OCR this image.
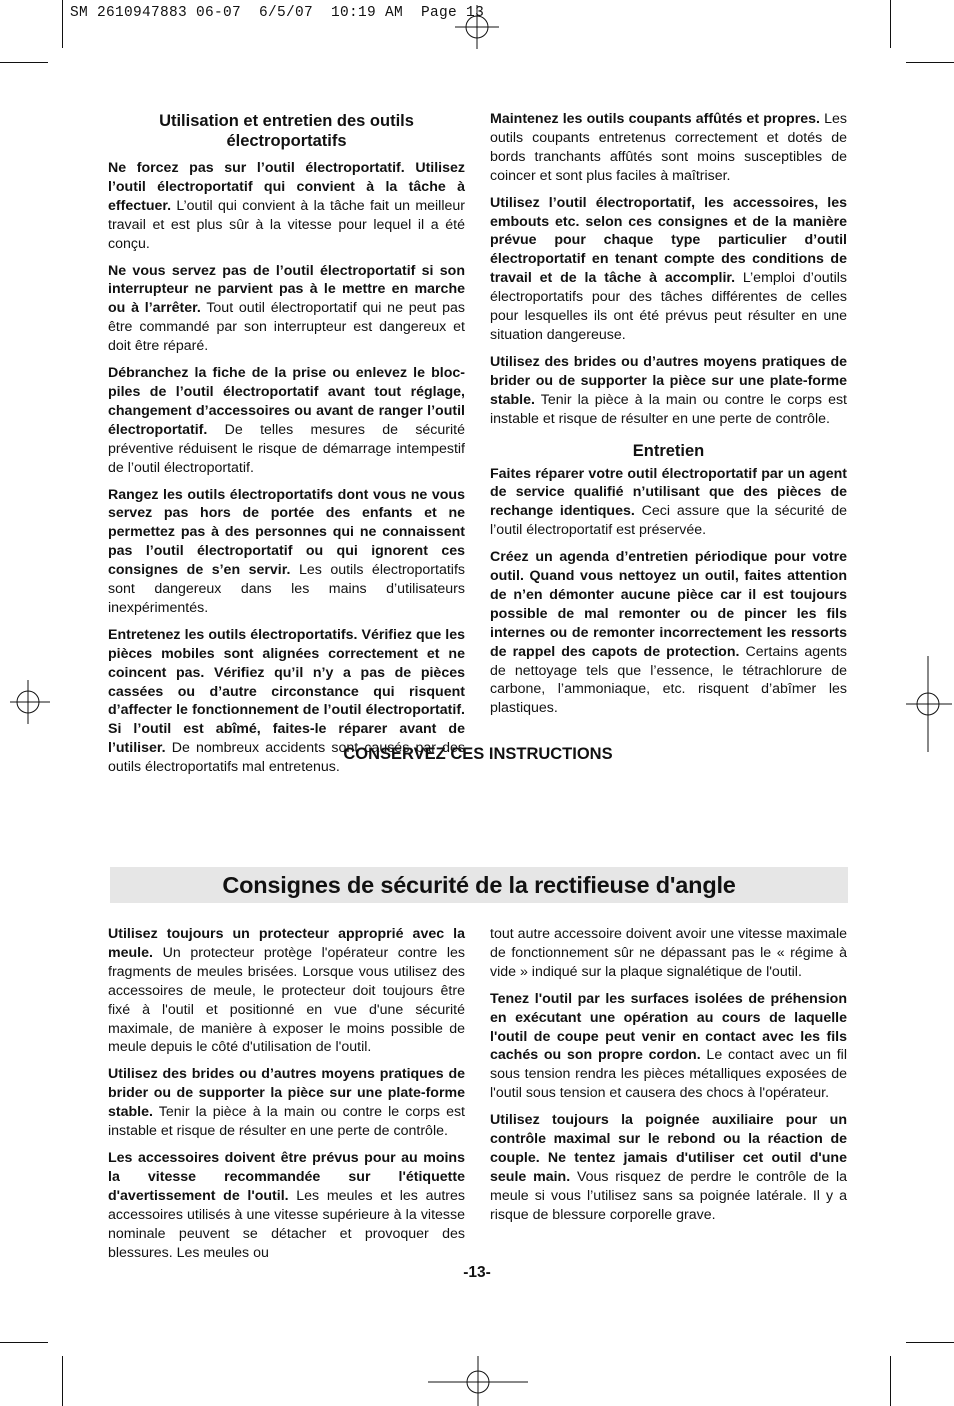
SM 2610947883 06-07  6/5/07  10:19 AM  Page 13
Utilisation et entretien des outils électroportatifs
Ne forcez pas sur l’outil électroportatif. Utilisez l’outil électroportatif qui convient à la tâche à effectuer. L’outil qui convient à la tâche fait un meilleur travail et est plus sûr à la vitesse pour lequel il a été conçu.
Ne vous servez pas de l’outil électroportatif si son interrupteur ne parvient pas à le mettre en marche ou à l’arrêter. Tout outil électroportatif qui ne peut pas être commandé par son interrupteur est dangereux et doit être réparé.
Débranchez la fiche de la prise ou enlevez le bloc-piles de l’outil électroportatif avant tout réglage, changement d’accessoires ou avant de ranger l’outil électroportatif. De telles mesures de sécurité préventive réduisent le risque de démarrage intempestif de l’outil électroportatif.
Rangez les outils électroportatifs dont vous ne vous servez pas hors de portée des enfants et ne permettez pas à des personnes qui ne connaissent pas l’outil électroportatif ou qui ignorent ces consignes de s’en servir. Les outils électroportatifs sont dangereux dans les mains d’utilisateurs inexpérimentés.
Entretenez les outils électroportatifs. Vérifiez que les pièces mobiles sont alignées correctement et ne coincent pas. Vérifiez qu’il n’y a pas de pièces cassées ou d’autre circonstance qui risquent d’affecter le fonctionnement de l’outil électroportatif. Si l’outil est abîmé, faites-le réparer avant de l’utiliser. De nombreux accidents sont causés par des outils électroportatifs mal entretenus.
Maintenez les outils coupants affûtés et propres. Les outils coupants entretenus correctement et dotés de bords tranchants affûtés sont moins susceptibles de coincer et sont plus faciles à maîtriser.
Utilisez l’outil électroportatif, les accessoires, les embouts etc. selon ces consignes et de la manière prévue pour chaque type particulier d’outil électroportatif en tenant compte des conditions de travail et de la tâche à accomplir. L’emploi d’outils électroportatifs pour des tâches différentes de celles pour lesquelles ils ont été prévus peut résulter en une situation dangereuse.
Utilisez des brides ou d’autres moyens pratiques de brider ou de supporter la pièce sur une plate-forme stable. Tenir la pièce à la main ou contre le corps est instable et risque de résulter en une perte de contrôle.
Entretien
Faites réparer votre outil électroportatif par un agent de service qualifié n’utilisant que des pièces de rechange identiques. Ceci assure que la sécurité de l’outil électroportatif est préservée.
Créez un agenda d’entretien périodique pour votre outil. Quand vous nettoyez un outil, faites attention de n’en démonter aucune pièce car il est toujours possible de mal remonter ou de pincer les fils internes ou de remonter incorrectement les ressorts de rappel des capots de protection. Certains agents de nettoyage tels que l’essence, le tétrachlorure de carbone, l’ammoniaque, etc. risquent d’abîmer les plastiques.
CONSERVEZ CES INSTRUCTIONS
Consignes de sécurité de la rectifieuse d'angle
Utilisez toujours un protecteur approprié avec la meule. Un protecteur protège l'opérateur contre les fragments de meules brisées. Lorsque vous utilisez des accessoires de meule, le protecteur doit toujours être fixé à l'outil et positionné en vue d'une sécurité maximale, de manière à exposer le moins possible de meule depuis le côté d'utilisation de l'outil.
Utilisez des brides ou d’autres moyens pratiques de brider ou de supporter la pièce sur une plate-forme stable. Tenir la pièce à la main ou contre le corps est instable et risque de résulter en une perte de contrôle.
Les accessoires doivent être prévus pour au moins la vitesse recommandée sur l'étiquette d'avertissement de l'outil. Les meules et les autres accessoires utilisés à une vitesse supérieure à la vitesse nominale peuvent se détacher et provoquer des blessures. Les meules ou
tout autre accessoire doivent avoir une vitesse maximale de fonctionnement sûr ne dépassant pas le « régime à vide » indiqué sur la plaque signalétique de l'outil.
Tenez l'outil par les surfaces isolées de préhension en exécutant une opération au cours de laquelle l'outil de coupe peut venir en contact avec les fils cachés ou son propre cordon. Le contact avec un fil sous tension rendra les pièces métalliques exposées de l'outil sous tension et causera des chocs à l'opérateur.
Utilisez toujours la poignée auxiliaire pour un contrôle maximal sur le rebond ou la réaction de couple. Ne tentez jamais d'utiliser cet outil d'une seule main. Vous risquez de perdre le contrôle de la meule si vous l’utilisez sans sa poignée latérale. Il y a risque de blessure corporelle grave.
-13-
